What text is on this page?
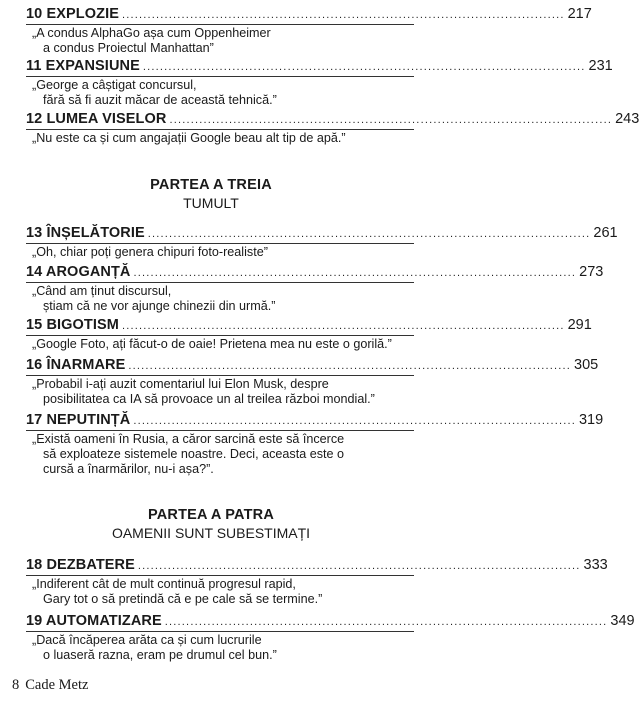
10 EXPLOZIE ........................................................................................................ 217
„A condus AlphaGo așa cum Oppenheimer
a condus Proiectul Manhattan”
11 EXPANSIUNE ........................................................................................................ 231
„George a câștigat concursul,
fără să fi auzit măcar de această tehnică.”
12 LUMEA VISELOR ........................................................................................................ 243
„Nu este ca și cum angajații Google beau alt tip de apă.”
PARTEA A TREIA
TUMULT
13 ÎNȘELĂTORIE ........................................................................................................ 261
„Oh, chiar poți genera chipuri foto-realiste”
14 AROGANȚĂ ........................................................................................................ 273
„Când am ținut discursul,
știam că ne vor ajunge chinezii din urmă.”
15 BIGOTISM ........................................................................................................ 291
„Google Foto, ați făcut-o de oaie! Prietena mea nu este o gorilă.”
16 ÎNARMARE ........................................................................................................ 305
„Probabil i-ați auzit comentariul lui Elon Musk, despre
posibilitatea ca IA să provoace un al treilea război mondial.”
17 NEPUTINȚĂ ........................................................................................................ 319
„Există oameni în Rusia, a căror sarcină este să încerce
să exploateze sistemele noastre. Deci, aceasta este o
cursă a înarmărilor, nu-i așa?”.
PARTEA A PATRA
OAMENII SUNT SUBESTIMAȚI
18 DEZBATERE ........................................................................................................ 333
„Indiferent cât de mult continuă progresul rapid,
Gary tot o să pretindă că e pe cale să se termine.”
19 AUTOMATIZARE ........................................................................................................ 349
„Dacă încăperea arăta ca și cum lucrurile
o luaseră razna, eram pe drumul cel bun.”
8 Cade Metz
